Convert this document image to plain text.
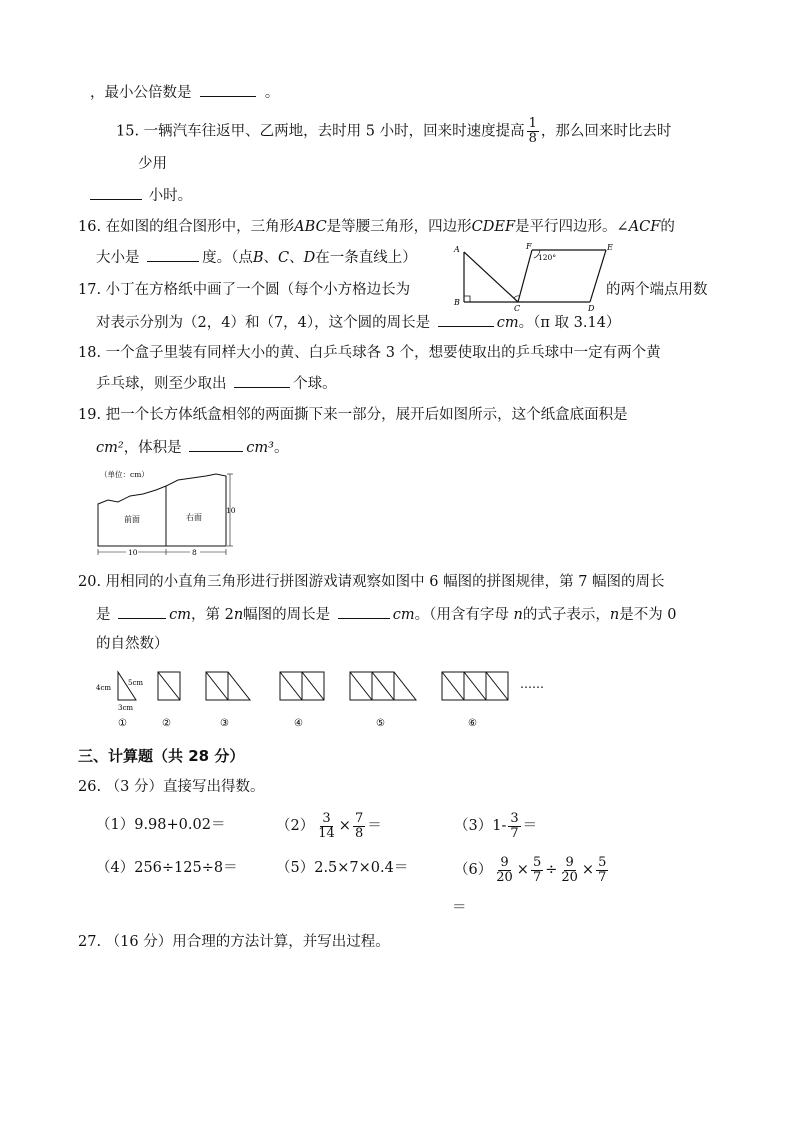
，最小公倍数是	。
15. 一辆汽车往返甲、乙两地，去时用 5 小时，回来时速度提高 $\frac{1}{8}$ ，那么回来时比去时
少用
小时。
16. 在如图的组合图形中，三角形ABC是等腰三角形，四边形CDEF是平行四边形。∠ACF的
大小是	度。（点B、C、D在一条直线上）
A
B
C	D
E
F
120°
17. 小丁在方格纸中画了一个圆（每个小方格边长为	的两个端点用数
对表示分别为（2，4）和（7，4），这个圆的周长是	cm。（π 取 3.14）
18. 一个盒子里装有同样大小的黄、白乒乓球各 3 个，想要使取出的乒乓球中一定有两个黄
乒乓球，则至少取出	个球。
19. 把一个长方体纸盒相邻的两面撕下来一部分，展开后如图所示，这个纸盒底面积是
cm²，体积是	cm³。
（单位：cm）
前面	右面
10
10	8
20. 用相同的小直角三角形进行拼图游戏请观察如图中 6 幅图的拼图规律，第 7 幅图的周长
是	cm，第 2n幅图的周长是	cm。（用含有字母 n的式子表示，n是不为 0
的自然数）
4cm
5cm
3cm
……
①	②	③	④	⑤	⑥
三、计算题（共 28 分）
26. （3 分）直接写出得数。
（1）9.98+0.02＝	$(2) \frac{3}{14} \times \frac{7}{8}$ ＝	$(3)1- \frac{3}{7}$ ＝
（4）256÷125÷8＝	（5）2.5×7×0.4＝	$(6) \frac{9}{20} \times \frac{5}{7} \div \frac{9}{20} \times \frac{5}{7}$
＝
27. （16 分）用合理的方法计算，并写出过程。
